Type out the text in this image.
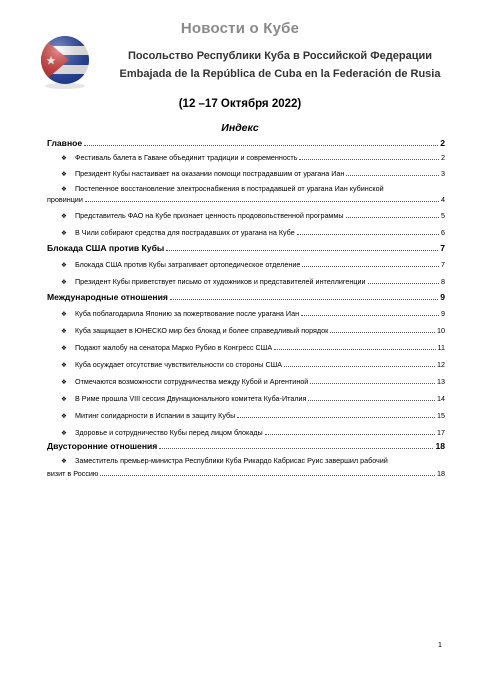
Новости о Кубе
Посольство Республики Куба в Российской Федерации
Embajada de la República de Cuba en la Federación de Rusia
(12 –17 Октября 2022)
Индекс
Главное	2
❖	Фестиваль балета в Гаване объединит традиции и современность	2
❖	Президент Кубы настаивает на оказании помощи пострадавшим от урагана Иан	3
❖ Постепенное восстановление электроснабжения в пострадавшей от урагана Иан кубинской
провинции	4
❖	Представитель ФАО на Кубе признает ценность продовольственной программы	5
❖	В Чили собирают средства для пострадавших от урагана на Кубе	6
Блокада США против Кубы	7
❖	Блокада США против Кубы затрагивает ортопедическое отделение	7
❖	Президент Кубы приветствует письмо от художников и представителей интеллигенции	8
Международные отношения	9
❖	Куба поблагодарила Японию за пожертвование после урагана Иан	9
❖	Куба защищает в ЮНЕСКО мир без блокад и более справедливый порядок	10
❖	Подают жалобу на сенатора Марко Рубио в Конгресс США	11
❖	Куба осуждает отсутствие чувствительности со стороны США	12
❖	Отмечаются возможности сотрудничества между Кубой и Аргентиной	13
❖	В Риме прошла VIII сессия Двунационального комитета Куба-Италия	14
❖	Митинг солидарности в Испании в защиту Кубы	15
❖	Здоровье и сотрудничество Кубы перед лицом блокады	17
Двусторонние отношения	18
❖ Заместитель премьер-министра Республики Куба Рикардо Кабрисас Руис завершил рабочий
визит в Россию	18
1
